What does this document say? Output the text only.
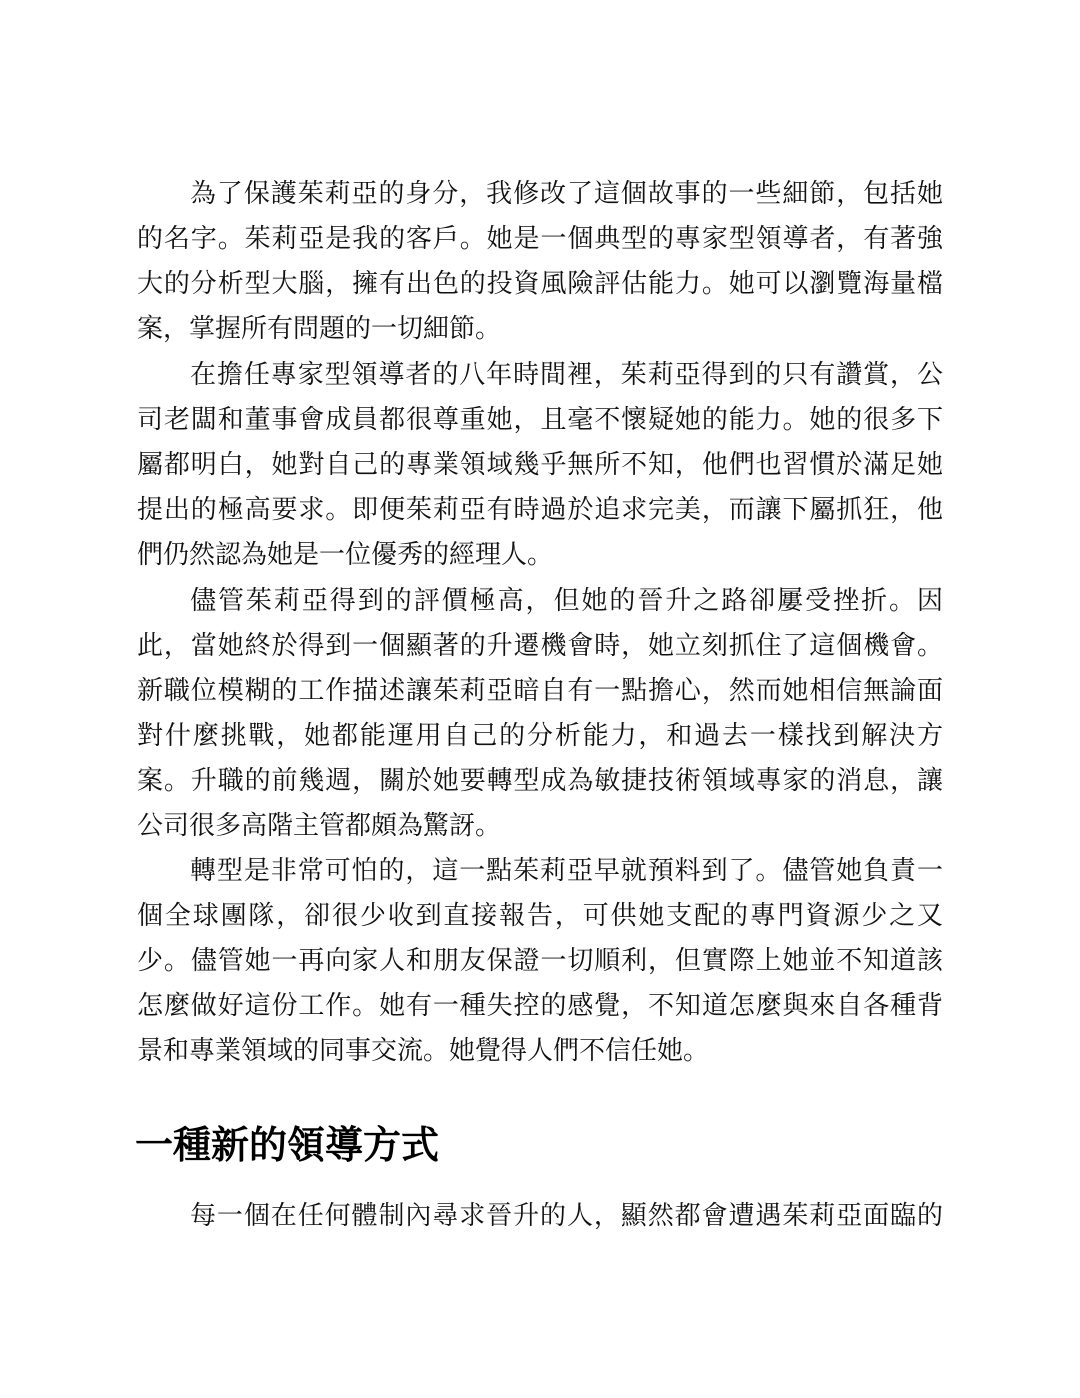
為了保護茱莉亞的身分，我修改了這個故事的一些細節，包括她
的名字。茱莉亞是我的客戶。她是一個典型的專家型領導者，有著強
大的分析型大腦，擁有出色的投資風險評估能力。她可以瀏覽海量檔
案，掌握所有問題的一切細節。
在擔任專家型領導者的八年時間裡，茱莉亞得到的只有讚賞，公
司老闆和董事會成員都很尊重她，且毫不懷疑她的能力。她的很多下
屬都明白，她對自己的專業領域幾乎無所不知，他們也習慣於滿足她
提出的極高要求。即便茱莉亞有時過於追求完美，而讓下屬抓狂，他
們仍然認為她是一位優秀的經理人。
儘管茱莉亞得到的評價極高，但她的晉升之路卻屢受挫折。因
此，當她終於得到一個顯著的升遷機會時，她立刻抓住了這個機會。
新職位模糊的工作描述讓茱莉亞暗自有一點擔心，然而她相信無論面
對什麼挑戰，她都能運用自己的分析能力，和過去一樣找到解決方
案。升職的前幾週，關於她要轉型成為敏捷技術領域專家的消息，讓
公司很多高階主管都頗為驚訝。
轉型是非常可怕的，這一點茱莉亞早就預料到了。儘管她負責一
個全球團隊，卻很少收到直接報告，可供她支配的專門資源少之又
少。儘管她一再向家人和朋友保證一切順利，但實際上她並不知道該
怎麼做好這份工作。她有一種失控的感覺，不知道怎麼與來自各種背
景和專業領域的同事交流。她覺得人們不信任她。
一種新的領導方式
每一個在任何體制內尋求晉升的人，顯然都會遭遇茱莉亞面臨的
